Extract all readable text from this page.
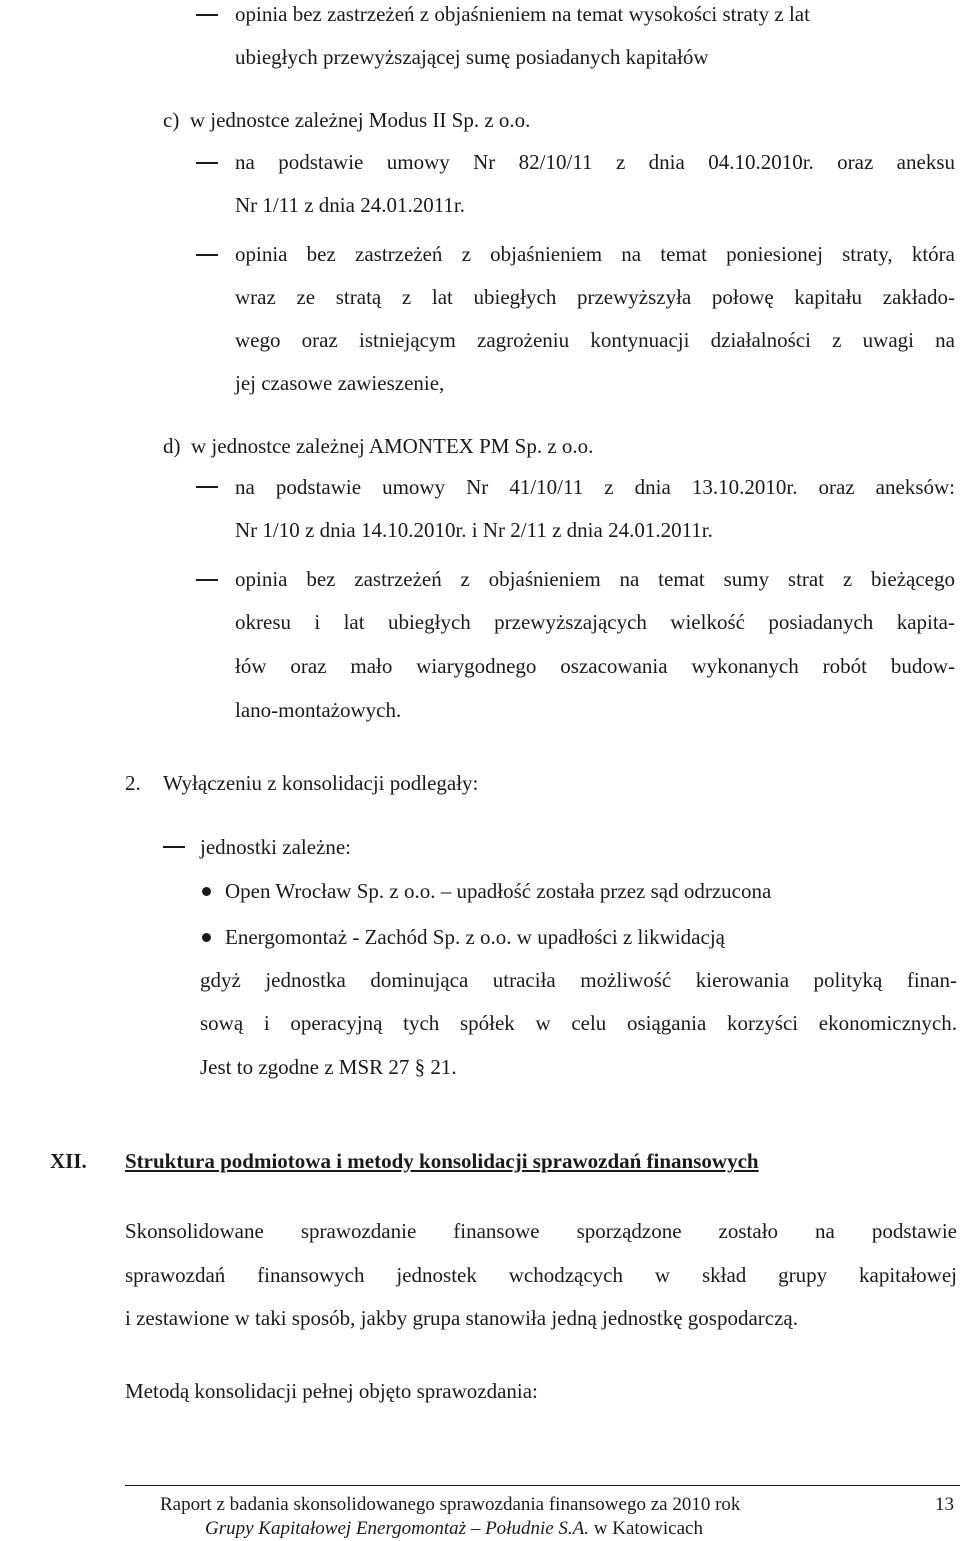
opinia bez zastrzeżeń z objaśnieniem na temat wysokości straty z lat
ubiegłych przewyższającej sumę posiadanych kapitałów
c)  w jednostce zależnej Modus II Sp. z o.o.
na podstawie umowy Nr 82/10/11 z dnia 04.10.2010r. oraz aneksu
Nr 1/11 z dnia 24.01.2011r.
opinia bez zastrzeżeń z objaśnieniem na temat poniesionej straty, która
wraz ze stratą z lat ubiegłych przewyższyła połowę kapitału zakłado-
wego oraz istniejącym zagrożeniu kontynuacji działalności z uwagi na
jej czasowe zawieszenie,
d)  w jednostce zależnej AMONTEX PM Sp. z o.o.
na podstawie umowy Nr 41/10/11 z dnia 13.10.2010r. oraz aneksów:
Nr 1/10 z dnia 14.10.2010r. i Nr 2/11 z dnia 24.01.2011r.
opinia bez zastrzeżeń z objaśnieniem na temat sumy strat z bieżącego
okresu i lat ubiegłych przewyższających wielkość posiadanych kapita-
łów oraz mało wiarygodnego oszacowania wykonanych robót budow-
lano-montażowych.
2. Wyłączeniu z konsolidacji podlegały:
jednostki zależne:
Open Wrocław Sp. z o.o. – upadłość została przez sąd odrzucona
Energomontaż - Zachód Sp. z o.o. w upadłości z likwidacją
gdyż jednostka dominująca utraciła możliwość kierowania polityką finan-
sową i operacyjną tych spółek w celu osiągania korzyści ekonomicznych.
Jest to zgodne z MSR 27 § 21.
XII. Struktura podmiotowa i metody konsolidacji sprawozdań finansowych
Skonsolidowane sprawozdanie finansowe sporządzone zostało na podstawie
sprawozdań finansowych jednostek wchodzących w skład grupy kapitałowej
i zestawione w taki sposób, jakby grupa stanowiła jedną jednostkę gospodarczą.
Metodą konsolidacji pełnej objęto sprawozdania:
Raport z badania skonsolidowanego sprawozdania finansowego za 2010 rok	13
Grupy Kapitałowej Energomontaż – Południe S.A. w Katowicach
